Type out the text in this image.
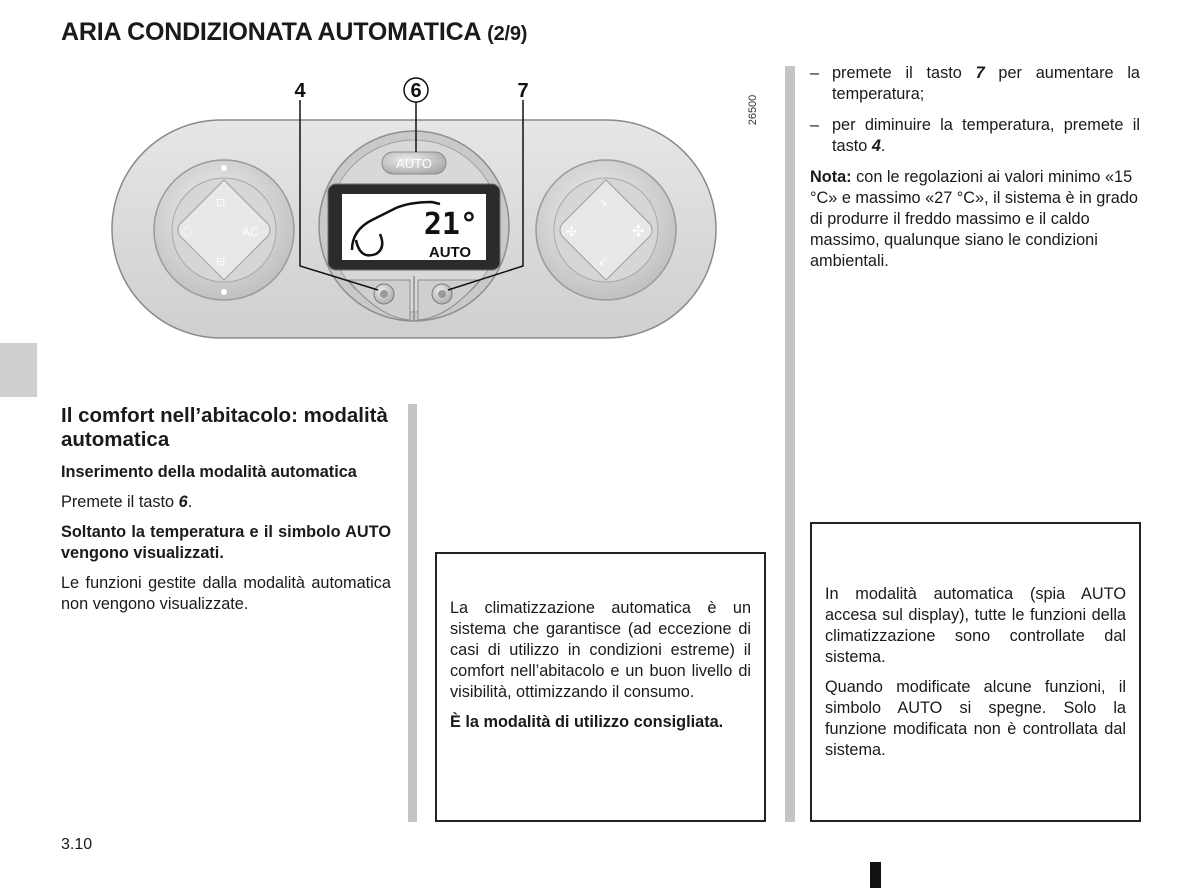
ARIA CONDIZIONATA AUTOMATICA (2/9)
⊡
⊟
◌	AC
↘
↙
✣	✣
AUTO
21°
AUTO
4	6	7
26500
Il comfort nell’abitacolo: modalità automatica

Inserimento della modalità automatica

Premete il tasto 6.

Soltanto la temperatura e il simbolo AUTO vengono visualizzati.

Le funzioni gestite dalla modalità automatica non vengono visualizzate.	La climatizzazione automatica è un sistema che garantisce (ad eccezione di casi di utilizzo in condizioni estreme) il comfort nell’abitacolo e un buon livello di visibilità, ottimizzando il consumo.

È la modalità di utilizzo consigliata.

– premete il tasto 7 per aumentare la temperatura;
– per diminuire la temperatura, premete il tasto 4.

Nota: con le regolazioni ai valori minimo «15 °C» e massimo «27 °C», il sistema è in grado di produrre il freddo massimo e il caldo massimo, qualunque siano le condizioni ambientali.

In modalità automatica (spia AUTO accesa sul display), tutte le funzioni della climatizzazione sono controllate dal sistema.

Quando modificate alcune funzioni, il simbolo AUTO si spegne. Solo la funzione modificata non è controllata dal sistema.

3.10
